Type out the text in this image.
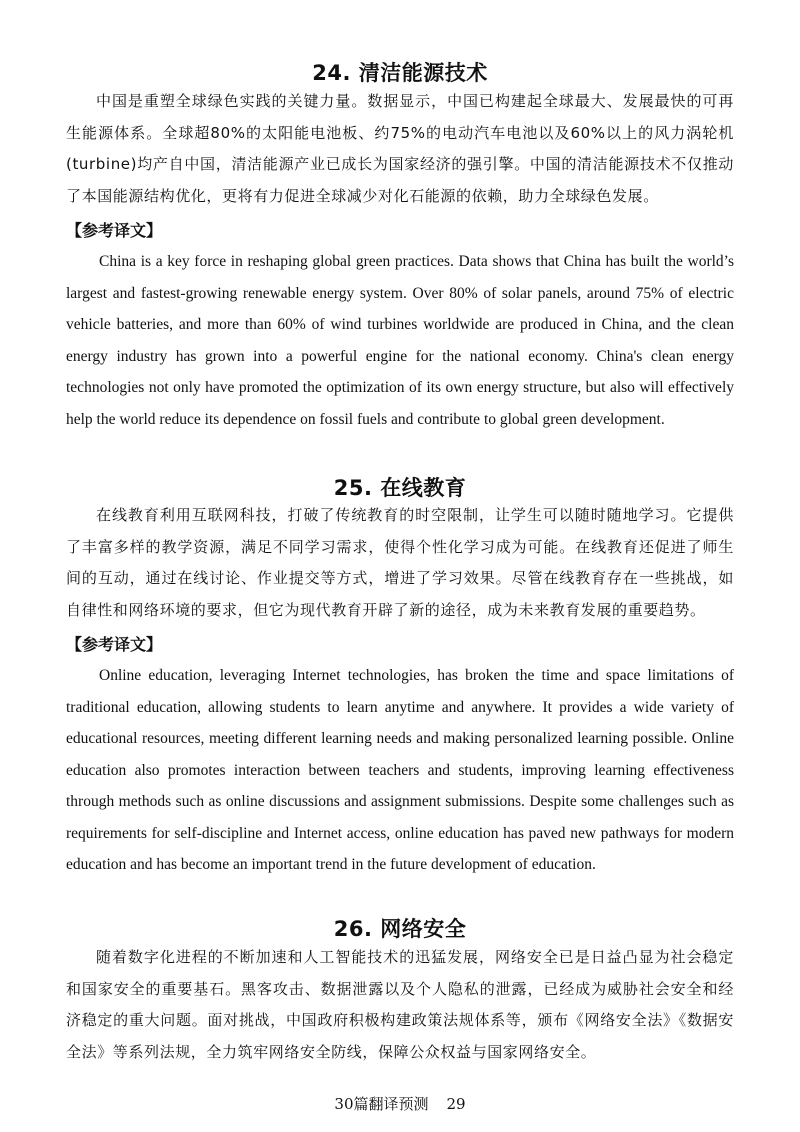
24. 清洁能源技术

中国是重塑全球绿色实践的关键力量。数据显示，中国已构建起全球最大、发展最快的可再生能源体系。全球超80%的太阳能电池板、约75%的电动汽车电池以及60%以上的风力涡轮机(turbine)均产自中国，清洁能源产业已成长为国家经济的强引擎。中国的清洁能源技术不仅推动了本国能源结构优化，更将有力促进全球减少对化石能源的依赖，助力全球绿色发展。

【参考译文】

China is a key force in reshaping global green practices. Data shows that China has built the world’s largest and fastest-growing renewable energy system. Over 80% of solar panels, around 75% of electric vehicle batteries, and more than 60% of wind turbines worldwide are produced in China, and the clean energy industry has grown into a powerful engine for the national economy. China's clean energy technologies not only have promoted the optimization of its own energy structure, but also will effectively help the world reduce its dependence on fossil fuels and contribute to global green development.

25. 在线教育

在线教育利用互联网科技，打破了传统教育的时空限制，让学生可以随时随地学习。它提供了丰富多样的教学资源，满足不同学习需求，使得个性化学习成为可能。在线教育还促进了师生间的互动，通过在线讨论、作业提交等方式，增进了学习效果。尽管在线教育存在一些挑战，如自律性和网络环境的要求，但它为现代教育开辟了新的途径，成为未来教育发展的重要趋势。

【参考译文】

Online education, leveraging Internet technologies, has broken the time and space limitations of traditional education, allowing students to learn anytime and anywhere. It provides a wide variety of educational resources, meeting different learning needs and making personalized learning possible. Online education also promotes interaction between teachers and students, improving learning effectiveness through methods such as online discussions and assignment submissions. Despite some challenges such as requirements for self-discipline and Internet access, online education has paved new pathways for modern education and has become an important trend in the future development of education.

26. 网络安全

随着数字化进程的不断加速和人工智能技术的迅猛发展，网络安全已是日益凸显为社会稳定和国家安全的重要基石。黑客攻击、数据泄露以及个人隐私的泄露，已经成为威胁社会安全和经济稳定的重大问题。面对挑战，中国政府积极构建政策法规体系等，颁布《网络安全法》《数据安全法》等系列法规，全力筑牢网络安全防线，保障公众权益与国家网络安全。

30篇翻译预测 29
